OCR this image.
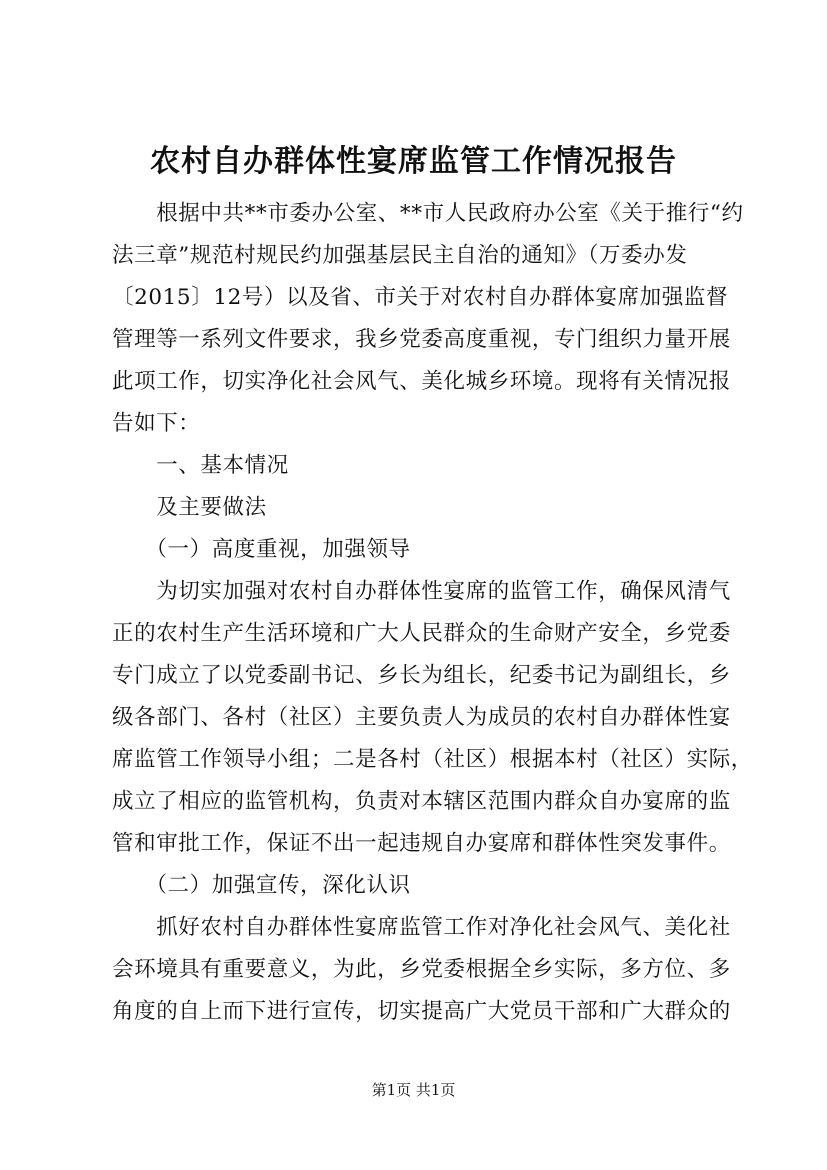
农村自办群体性宴席监管工作情况报告
　　根据中共**市委办公室、**市人民政府办公室《关于推行“约
法三章”规范村规民约加强基层民主自治的通知》（万委办发
〔2015〕12号）以及省、市关于对农村自办群体宴席加强监督
管理等一系列文件要求，我乡党委高度重视，专门组织力量开展
此项工作，切实净化社会风气、美化城乡环境。现将有关情况报
告如下：
　　一、基本情况
　　及主要做法
　　（一）高度重视，加强领导
　　为切实加强对农村自办群体性宴席的监管工作，确保风清气
正的农村生产生活环境和广大人民群众的生命财产安全，乡党委
专门成立了以党委副书记、乡长为组长，纪委书记为副组长，乡
级各部门、各村（社区）主要负责人为成员的农村自办群体性宴
席监管工作领导小组；二是各村（社区）根据本村（社区）实际，
成立了相应的监管机构，负责对本辖区范围内群众自办宴席的监
管和审批工作，保证不出一起违规自办宴席和群体性突发事件。
　　（二）加强宣传，深化认识
　　抓好农村自办群体性宴席监管工作对净化社会风气、美化社
会环境具有重要意义，为此，乡党委根据全乡实际，多方位、多
角度的自上而下进行宣传，切实提高广大党员干部和广大群众的
第1页 共1页
